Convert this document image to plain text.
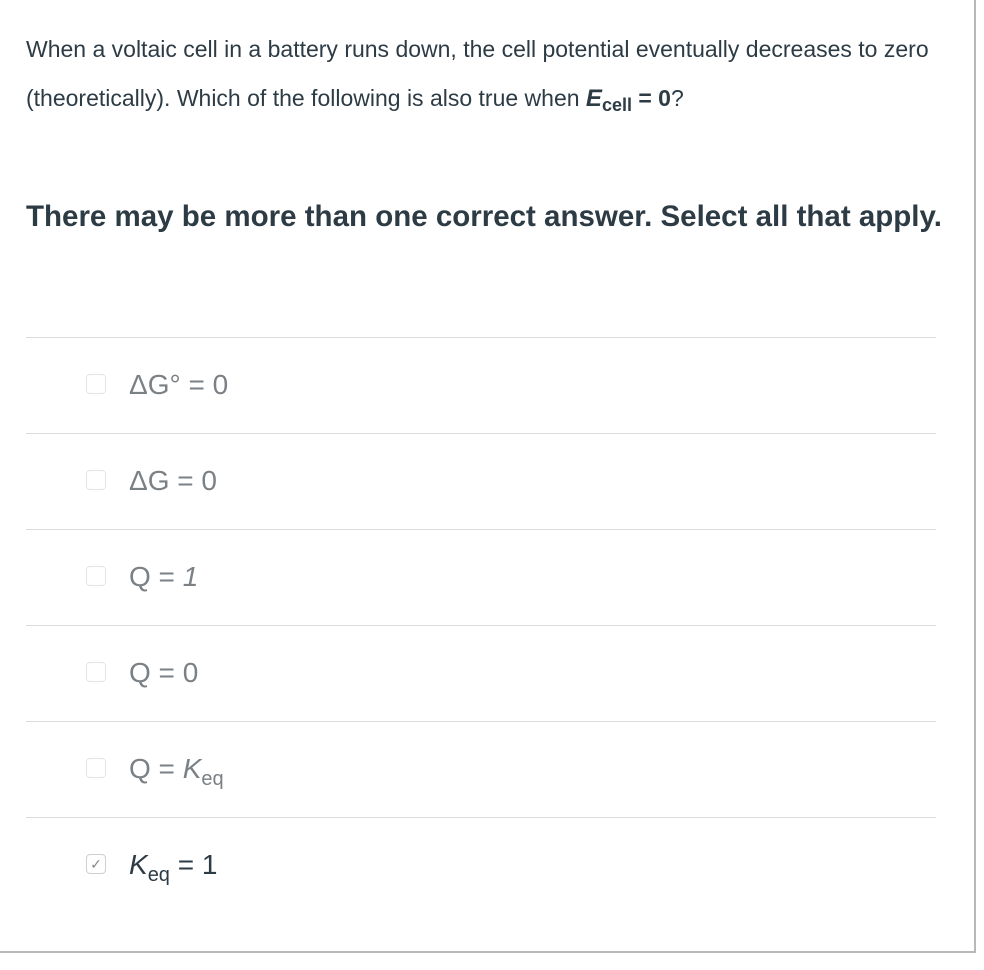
When a voltaic cell in a battery runs down, the cell potential eventually decreases to zero (theoretically). Which of the following is also true when $E_{cell} = 0$?
There may be more than one correct answer. Select all that apply.
ΔG° = 0
ΔG = 0
Q = 1
Q = 0
$Q = K_{eq}$
✓ $K_{eq} = 1$
